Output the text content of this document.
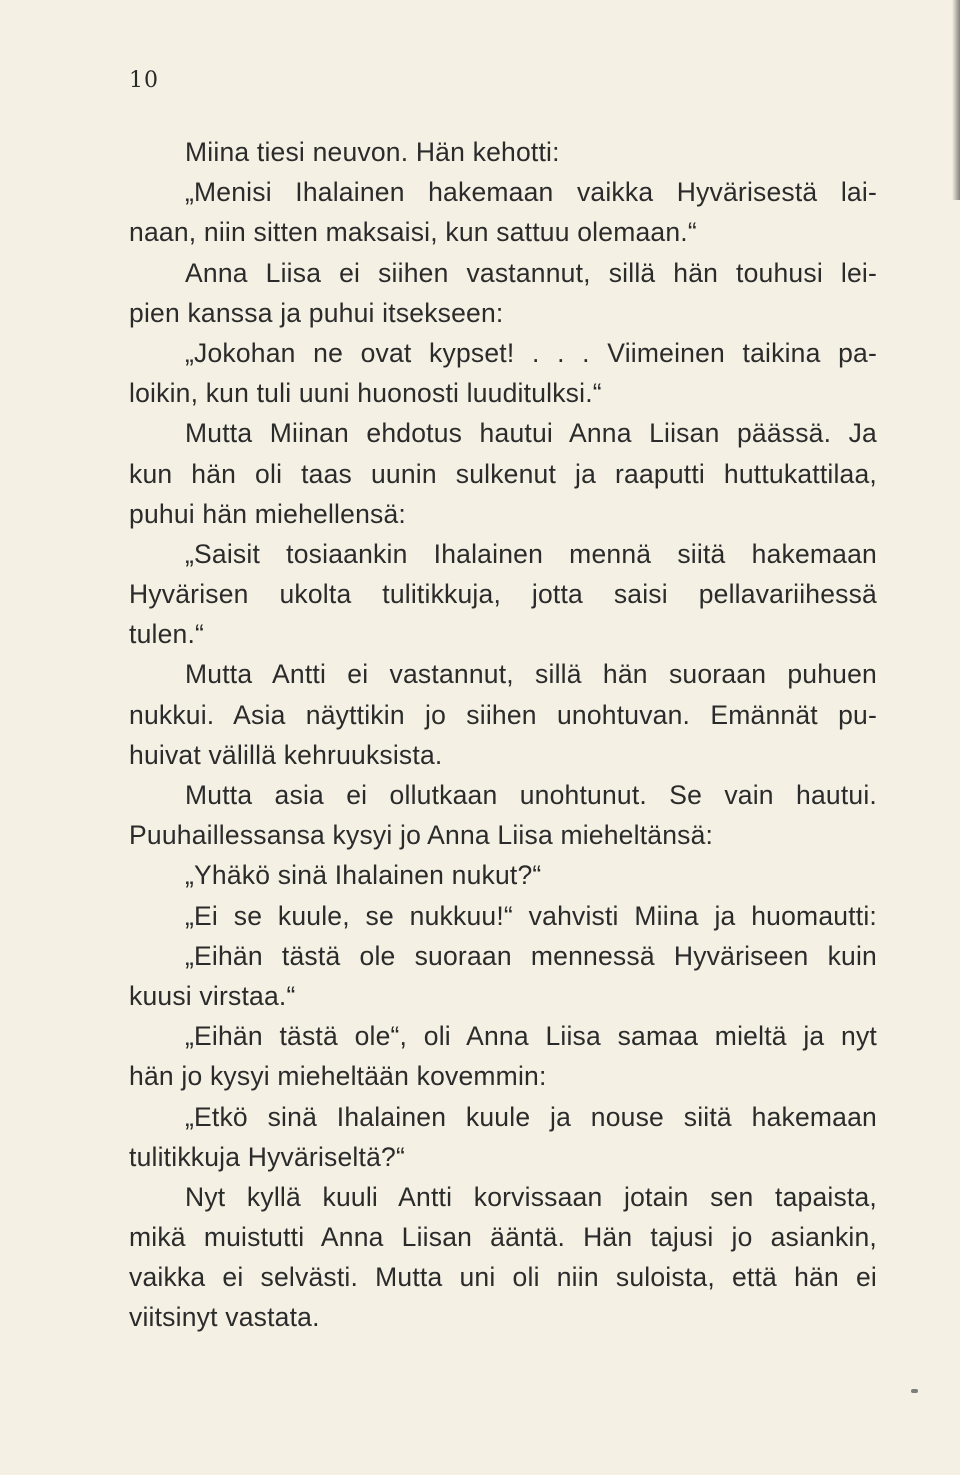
10
Miina tiesi neuvon. Hän kehotti:
„Menisi Ihalainen hakemaan vaikka Hyvärisestä lai-
naan, niin sitten maksaisi, kun sattuu olemaan.“
Anna Liisa ei siihen vastannut, sillä hän touhusi lei-
pien kanssa ja puhui itsekseen:
„Jokohan ne ovat kypset! . . . Viimeinen taikina pa-
loikin, kun tuli uuni huonosti luuditulksi.“
Mutta Miinan ehdotus hautui Anna Liisan päässä. Ja
kun hän oli taas uunin sulkenut ja raaputti huttukattilaa,
puhui hän miehellensä:
„Saisit tosiaankin Ihalainen mennä siitä hakemaan
Hyvärisen ukolta tulitikkuja, jotta saisi pellavariihessä
tulen.“
Mutta Antti ei vastannut, sillä hän suoraan puhuen
nukkui. Asia näyttikin jo siihen unohtuvan. Emännät pu-
huivat välillä kehruuksista.
Mutta asia ei ollutkaan unohtunut. Se vain hautui.
Puuhaillessansa kysyi jo Anna Liisa mieheltänsä:
„Yhäkö sinä Ihalainen nukut?“
„Ei se kuule, se nukkuu!“ vahvisti Miina ja huomautti:
„Eihän tästä ole suoraan mennessä Hyväriseen kuin
kuusi virstaa.“
„Eihän tästä ole“, oli Anna Liisa samaa mieltä ja nyt
hän jo kysyi mieheltään kovemmin:
„Etkö sinä Ihalainen kuule ja nouse siitä hakemaan
tulitikkuja Hyväriseltä?“
Nyt kyllä kuuli Antti korvissaan jotain sen tapaista,
mikä muistutti Anna Liisan ääntä. Hän tajusi jo asiankin,
vaikka ei selvästi. Mutta uni oli niin suloista, että hän ei
viitsinyt vastata.
